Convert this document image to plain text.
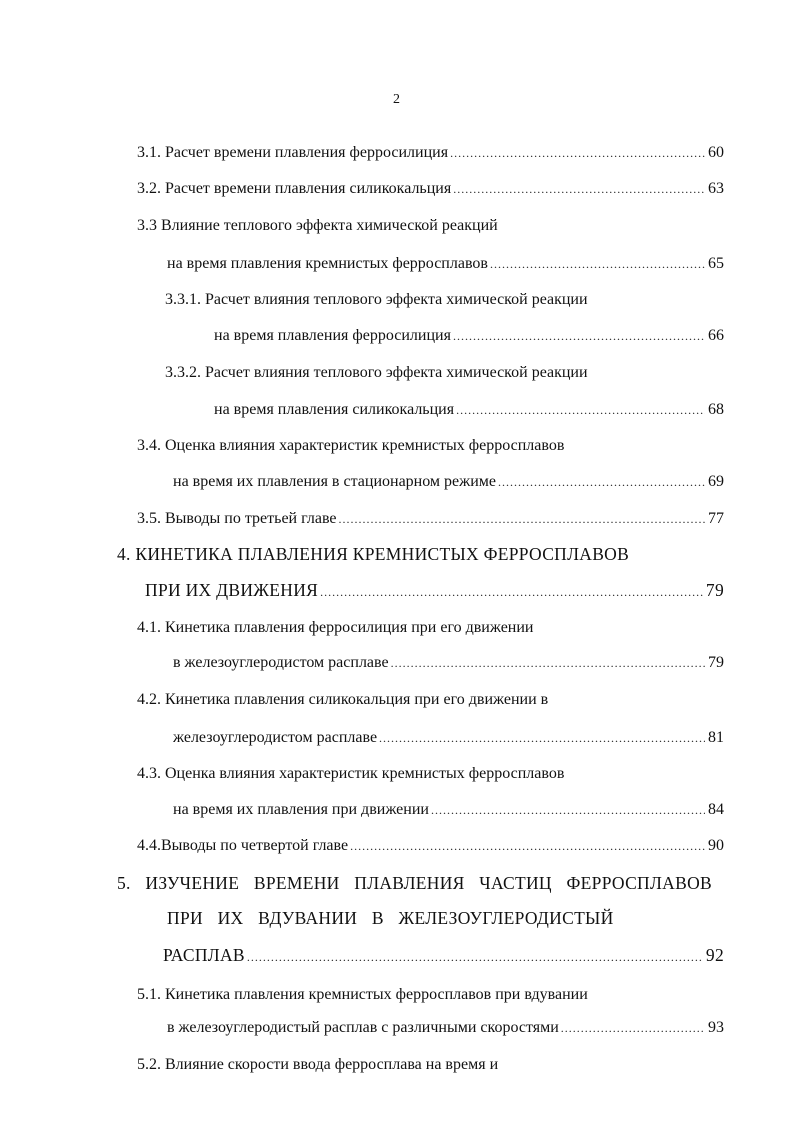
2
3.1. Расчет времени плавления ферросилиция . . .	60
3.2. Расчет времени плавления силикокальция . . .	63
3.3 Влияние теплового эффекта химической реакций
на время плавления кремнистых ферросплавов . . .	65
3.3.1. Расчет влияния теплового эффекта химической реакции
на время плавления ферросилиция . . .	66
3.3.2. Расчет влияния теплового эффекта химической реакции
на время плавления силикокальция . . .	68
3.4. Оценка влияния характеристик кремнистых ферросплавов
на время их плавления в стационарном режиме . . .	69
3.5. Выводы по третьей главе . . .	77
4. КИНЕТИКА ПЛАВЛЕНИЯ КРЕМНИСТЫХ ФЕРРОСПЛАВОВ
ПРИ ИХ ДВИЖЕНИЯ . . .	79
4.1. Кинетика плавления ферросилиция при его движении
в железоуглеродистом расплаве . . .	79
4.2. Кинетика плавления силикокальция при его движении в
железоуглеродистом расплаве . . .	81
4.3. Оценка влияния характеристик кремнистых ферросплавов
на время их плавления при движении . . .	84
4.4.Выводы по четвертой главе . . .	90
5. ИЗУЧЕНИЕ ВРЕМЕНИ ПЛАВЛЕНИЯ ЧАСТИЦ ФЕРРОСПЛАВОВ
ПРИ ИХ ВДУВАНИИ В ЖЕЛЕЗОУГЛЕРОДИСТЫЙ
РАСПЛАВ . . .	92
5.1. Кинетика плавления кремнистых ферросплавов при вдувании
в железоуглеродистый расплав с различными скоростями . . .	93
5.2. Влияние скорости ввода ферросплава на время и
